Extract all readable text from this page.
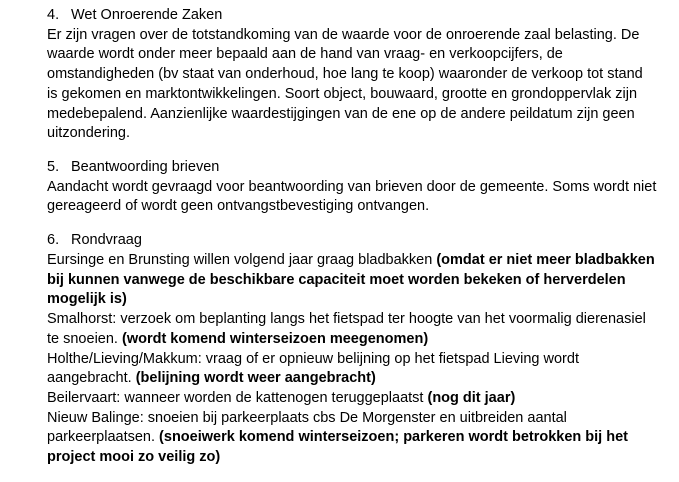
4. Wet Onroerende Zaken
Er zijn vragen over de totstandkoming van de waarde voor de onroerende zaal belasting. De waarde wordt onder meer bepaald aan de hand van vraag- en verkoopcijfers, de omstandigheden (bv staat van onderhoud, hoe lang te koop) waaronder de verkoop tot stand is gekomen en marktontwikkelingen. Soort object, bouwaard, grootte en grondoppervlak zijn medebepalend. Aanzienlijke waardestijgingen van de ene op de andere peildatum zijn geen uitzondering.
5. Beantwoording brieven
Aandacht wordt gevraagd voor beantwoording van brieven door de gemeente. Soms wordt niet gereageerd of wordt geen ontvangstbevestiging ontvangen.
6. Rondvraag
Eursinge en Brunsting willen volgend jaar graag bladbakken (omdat er niet meer bladbakken bij kunnen vanwege de beschikbare capaciteit moet worden bekeken of herverdelen mogelijk is)
Smalhorst: verzoek om beplanting langs het fietspad ter hoogte van het voormalig dierenasiel te snoeien. (wordt komend winterseizoen meegenomen)
Holthe/Lieving/Makkum: vraag of er opnieuw belijning op het fietspad Lieving wordt aangebracht. (belijning wordt weer aangebracht)
Beilervaart: wanneer worden de kattenogen teruggeplaatst (nog dit jaar)
Nieuw Balinge: snoeien bij parkeerplaats cbs De Morgenster en uitbreiden aantal parkeerplaatsen. (snoeiwerk komend winterseizoen; parkeren wordt betrokken bij het project mooi zo veilig zo)
